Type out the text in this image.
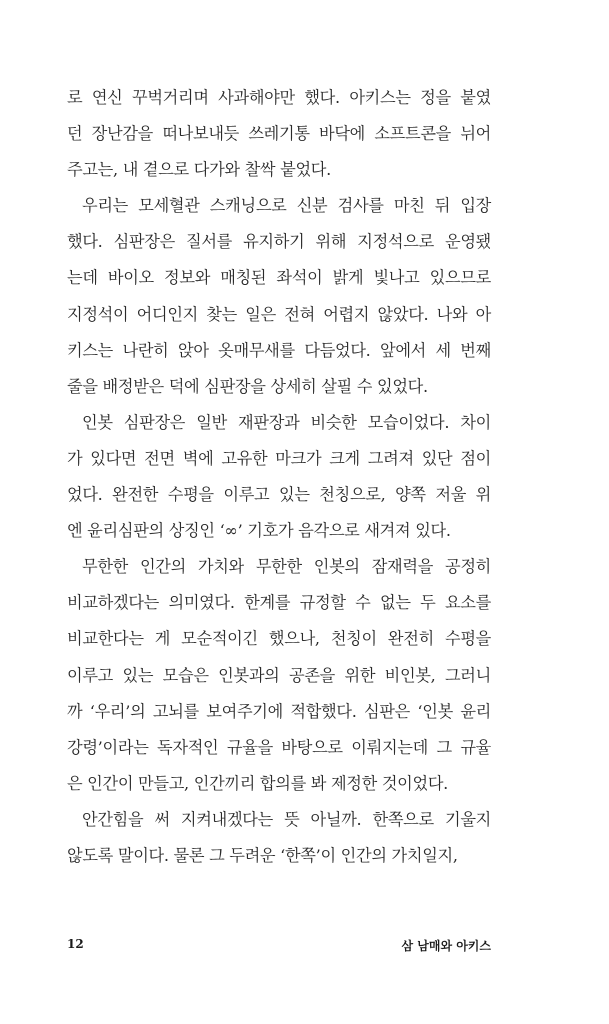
로 연신 꾸벅거리며 사과해야만 했다. 아키스는 정을 붙였
던 장난감을 떠나보내듯 쓰레기통 바닥에 소프트콘을 뉘어
주고는, 내 곁으로 다가와 찰싹 붙었다.
우리는 모세혈관 스캐닝으로 신분 검사를 마친 뒤 입장
했다. 심판장은 질서를 유지하기 위해 지정석으로 운영됐
는데 바이오 정보와 매칭된 좌석이 밝게 빛나고 있으므로
지정석이 어디인지 찾는 일은 전혀 어렵지 않았다. 나와 아
키스는 나란히 앉아 옷매무새를 다듬었다. 앞에서 세 번째
줄을 배정받은 덕에 심판장을 상세히 살필 수 있었다.
인봇 심판장은 일반 재판장과 비슷한 모습이었다. 차이
가 있다면 전면 벽에 고유한 마크가 크게 그려져 있단 점이
었다. 완전한 수평을 이루고 있는 천칭으로, 양쪽 저울 위
엔 윤리심판의 상징인 ‘∞’ 기호가 음각으로 새겨져 있다.
무한한 인간의 가치와 무한한 인봇의 잠재력을 공정히
비교하겠다는 의미였다. 한계를 규정할 수 없는 두 요소를
비교한다는 게 모순적이긴 했으나, 천칭이 완전히 수평을
이루고 있는 모습은 인봇과의 공존을 위한 비인봇, 그러니
까 ‘우리’의 고뇌를 보여주기에 적합했다. 심판은 ‘인봇 윤리
강령’이라는 독자적인 규율을 바탕으로 이뤄지는데 그 규율
은 인간이 만들고, 인간끼리 합의를 봐 제정한 것이었다.
안간힘을 써 지켜내겠다는 뜻 아닐까. 한쪽으로 기울지
않도록 말이다. 물론 그 두려운 ‘한쪽’이 인간의 가치일지,
12	삼 남매와 아키스
